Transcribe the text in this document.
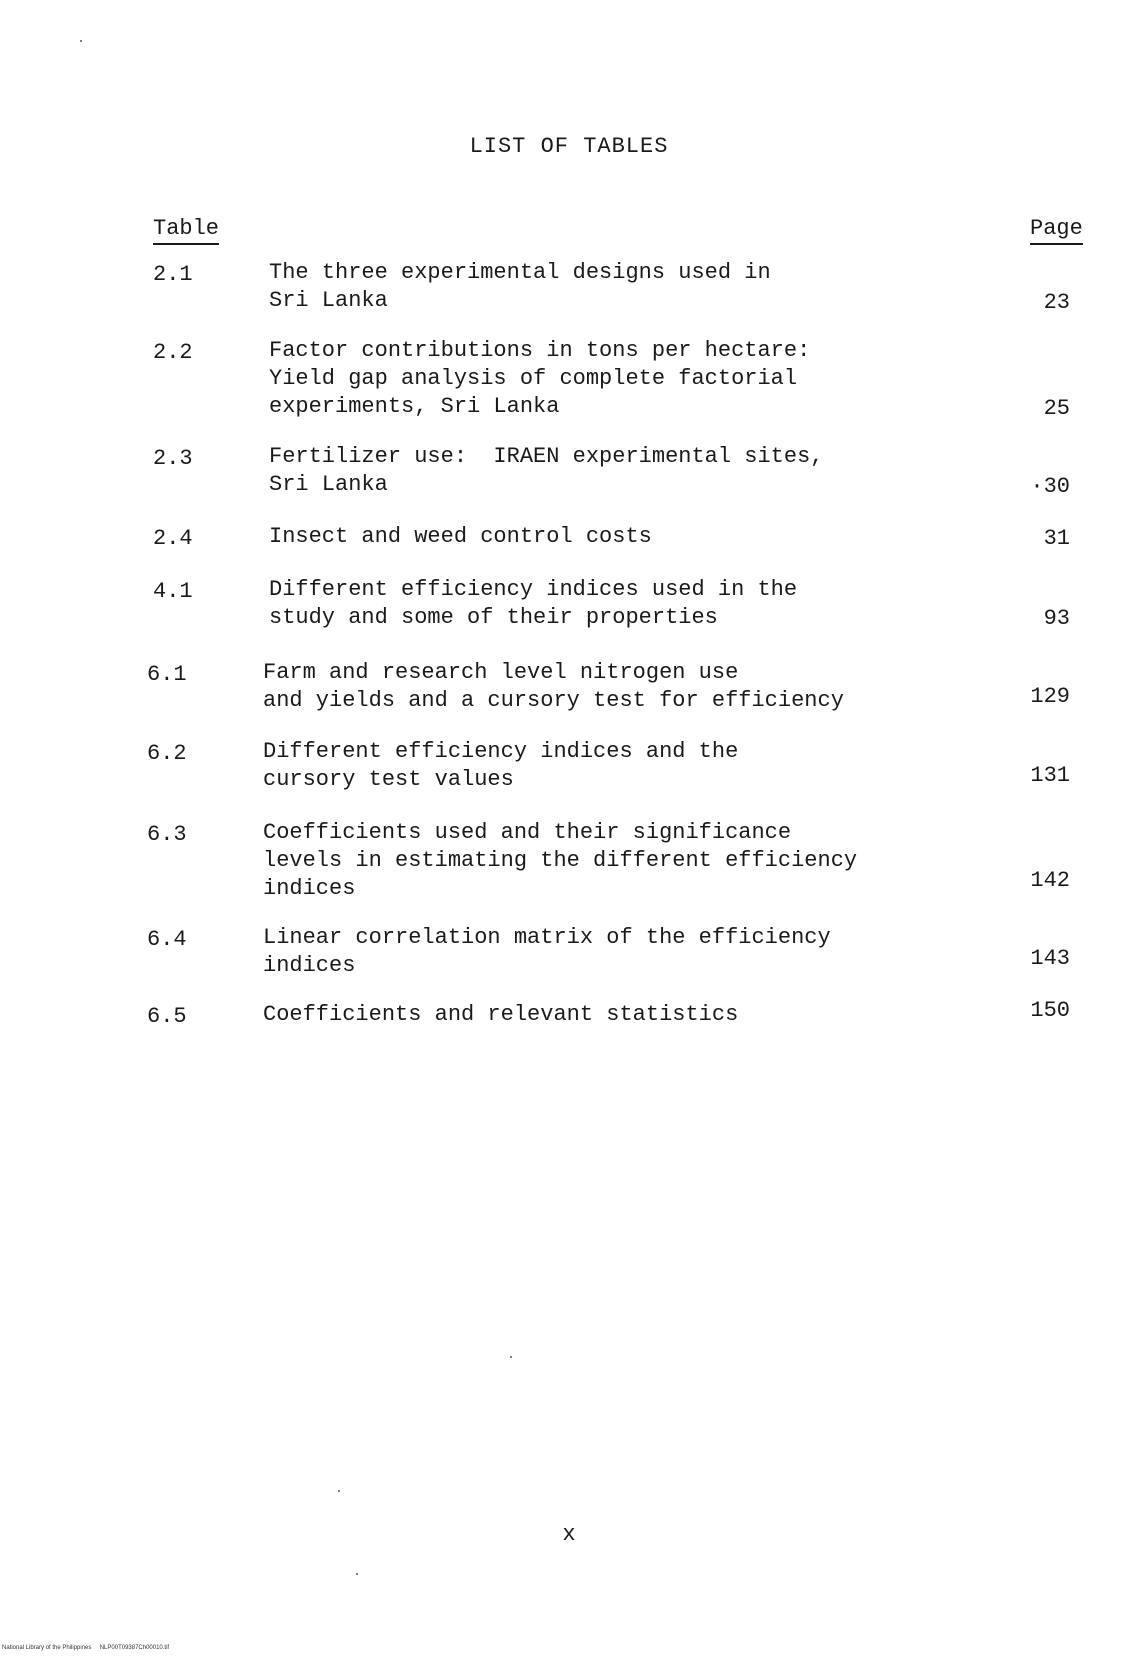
LIST OF TABLES
Table	Page
2.1	The three experimental designs used in
Sri Lanka	23
2.2	Factor contributions in tons per hectare:
Yield gap analysis of complete factorial
experiments, Sri Lanka	25
2.3	Fertilizer use:  IRAEN experimental sites,
Sri Lanka	·30
2.4	Insect and weed control costs	31
4.1	Different efficiency indices used in the
study and some of their properties	93
6.1	Farm and research level nitrogen use
and yields and a cursory test for efficiency	129
6.2	Different efficiency indices and the
cursory test values	131
6.3	Coefficients used and their significance
levels in estimating the different efficiency
indices	142
6.4	Linear correlation matrix of the efficiency
indices	143
6.5	Coefficients and relevant statistics	150
x
National Library of the Philippines     NLP00T09387Ch00010.tif
